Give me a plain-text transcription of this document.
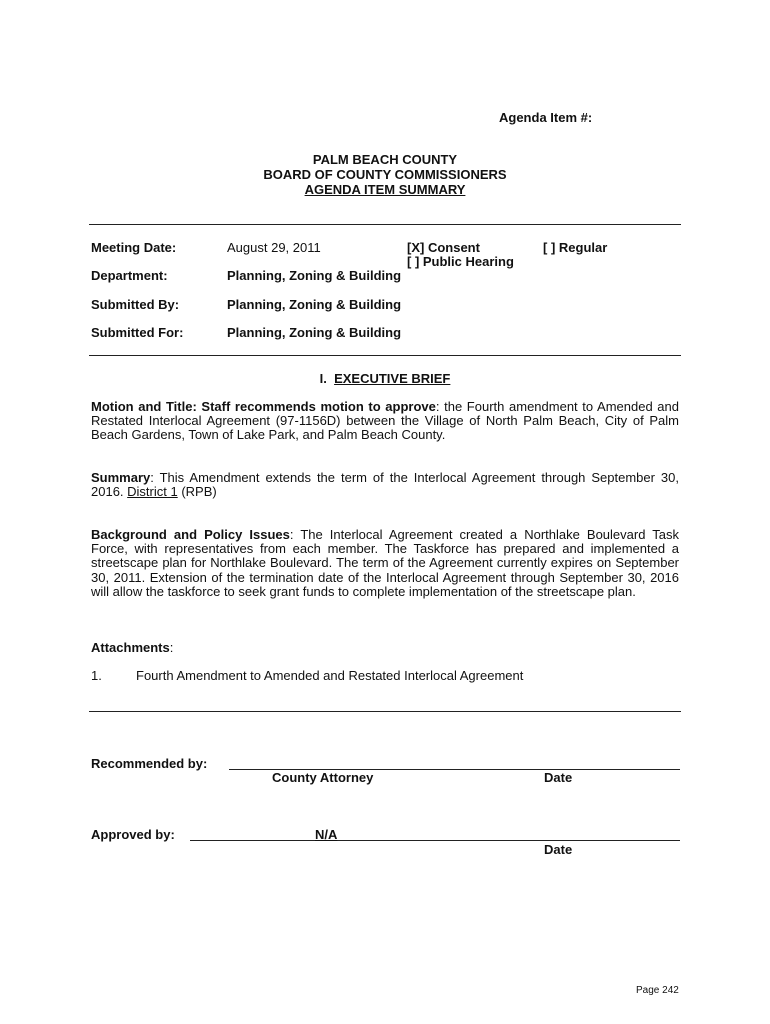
Agenda Item #:
PALM BEACH COUNTY
BOARD OF COUNTY COMMISSIONERS
AGENDA ITEM SUMMARY
Meeting Date:	August 29, 2011	[X] Consent	[ ] Regular
[ ] Public Hearing
Department:	Planning, Zoning & Building
Submitted By:	Planning, Zoning & Building
Submitted For:	Planning, Zoning & Building
I. EXECUTIVE BRIEF
Motion and Title: Staff recommends motion to approve: the Fourth amendment to Amended and Restated Interlocal Agreement (97-1156D) between the Village of North Palm Beach, City of Palm Beach Gardens, Town of Lake Park, and Palm Beach County.
Summary: This Amendment extends the term of the Interlocal Agreement through September 30, 2016. District 1 (RPB)
Background and Policy Issues: The Interlocal Agreement created a Northlake Boulevard Task Force, with representatives from each member. The Taskforce has prepared and implemented a streetscape plan for Northlake Boulevard. The term of the Agreement currently expires on September 30, 2011. Extension of the termination date of the Interlocal Agreement through September 30, 2016 will allow the taskforce to seek grant funds to complete implementation of the streetscape plan.
Attachments:
1.	Fourth Amendment to Amended and Restated Interlocal Agreement
Recommended by:
County Attorney	Date
Approved by:	N/A
Date
Page 242
